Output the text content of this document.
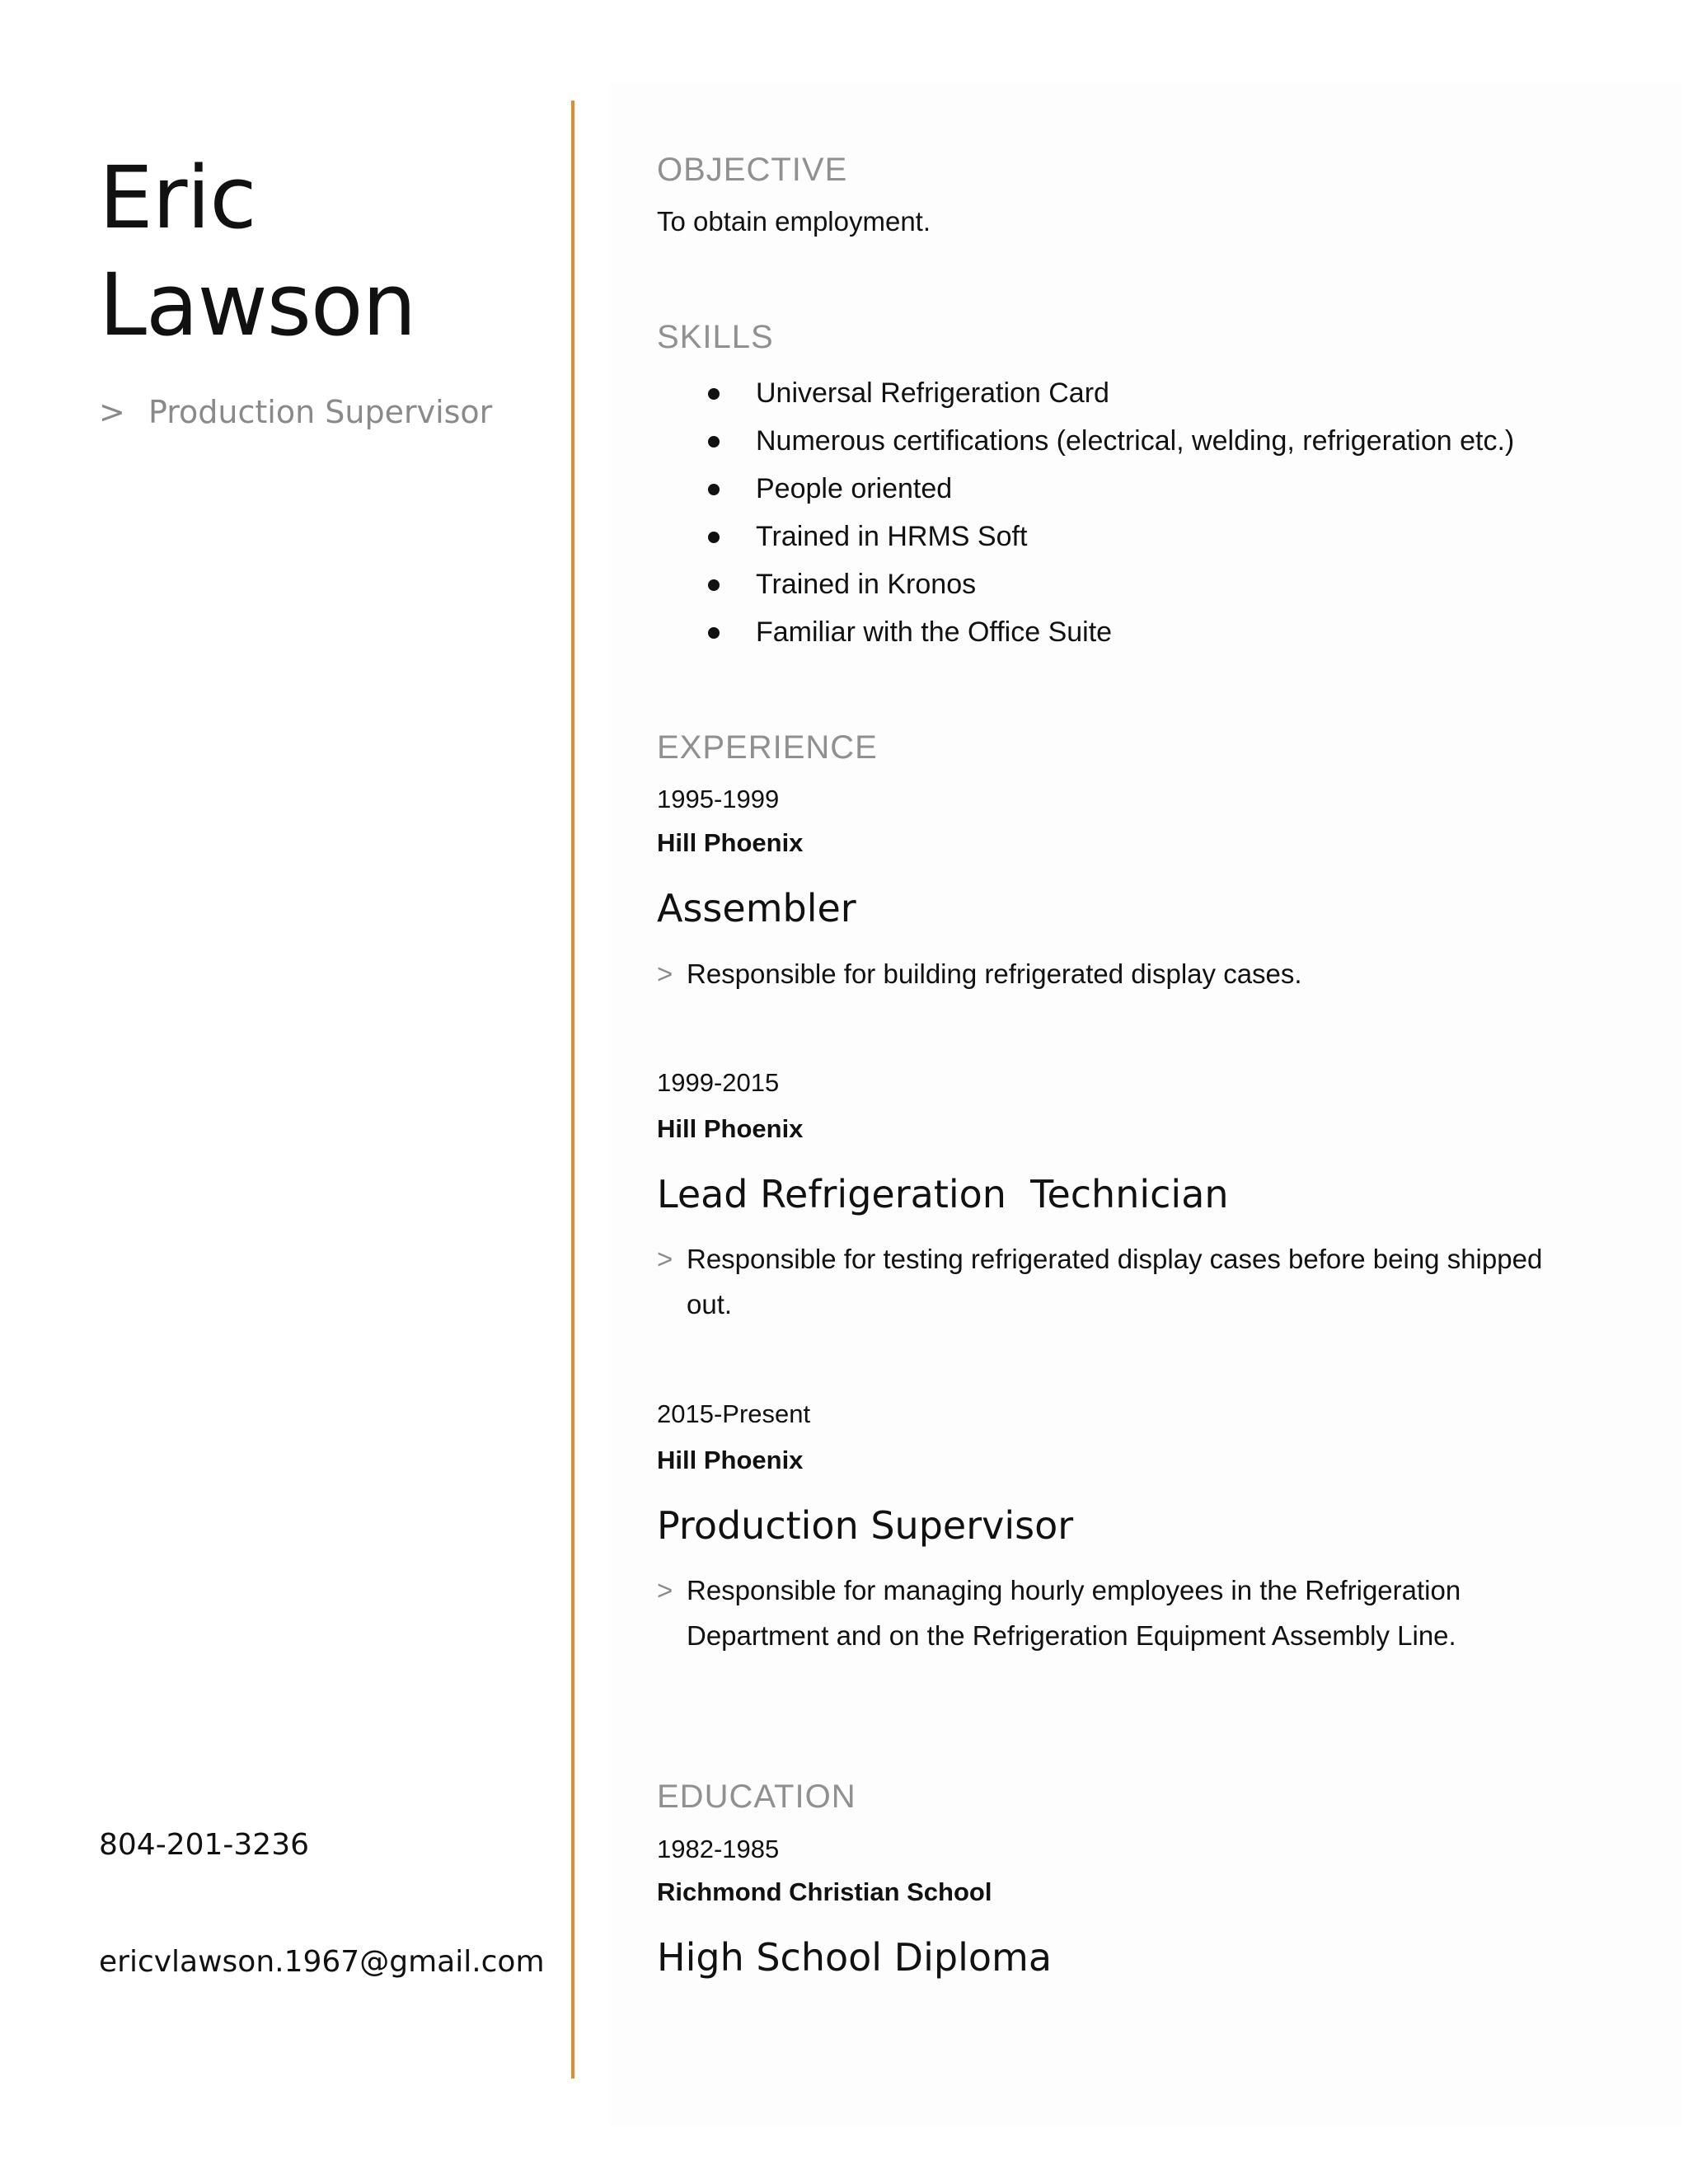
Eric
Lawson
> Production Supervisor
804-201-3236
ericvlawson.1967@gmail.com
OBJECTIVE
To obtain employment.
SKILLS
Universal Refrigeration Card
Numerous certifications (electrical, welding, refrigeration etc.)
People oriented
Trained in HRMS Soft
Trained in Kronos
Familiar with the Office Suite
EXPERIENCE
1995-1999
Hill Phoenix
Assembler
> Responsible for building refrigerated display cases.
1999-2015
Hill Phoenix
Lead Refrigeration  Technician
> Responsible for testing refrigerated display cases before being shipped out.
2015-Present
Hill Phoenix
Production Supervisor
> Responsible for managing hourly employees in the Refrigeration Department and on the Refrigeration Equipment Assembly Line.
EDUCATION
1982-1985
Richmond Christian School
High School Diploma
